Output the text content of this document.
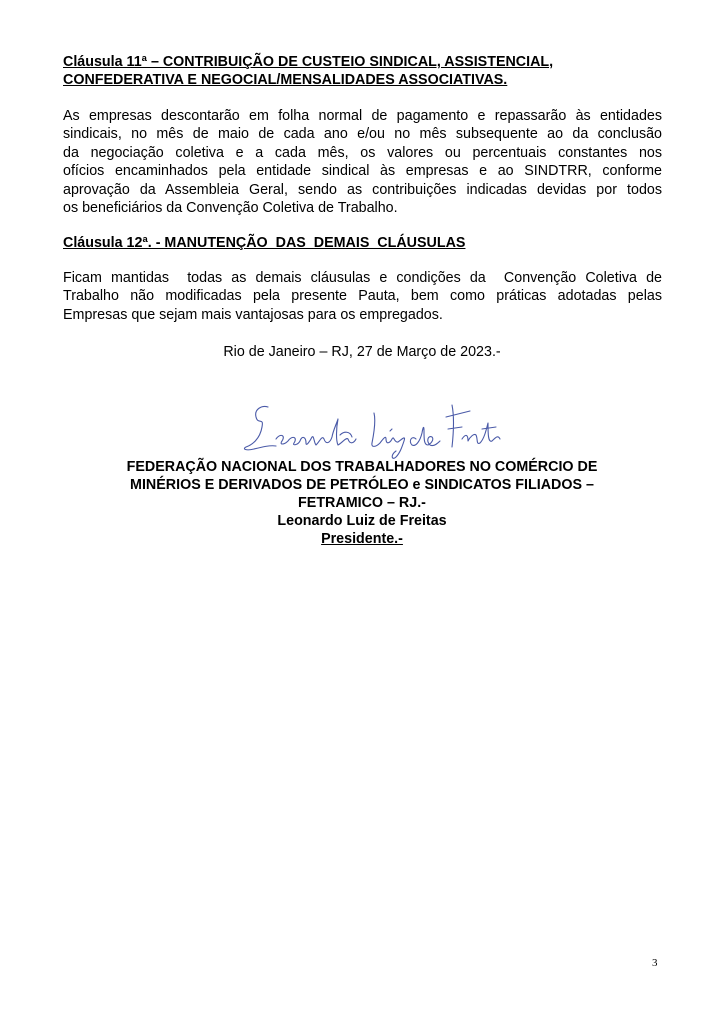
Cláusula 11ª – CONTRIBUIÇÃO DE CUSTEIO SINDICAL, ASSISTENCIAL,
CONFEDERATIVA E NEGOCIAL/MENSALIDADES ASSOCIATIVAS.
As empresas descontarão em folha normal de pagamento e repassarão às entidades
sindicais, no mês de maio de cada ano e/ou no mês subsequente ao da conclusão
da negociação coletiva e a cada mês, os valores ou percentuais constantes nos
ofícios encaminhados pela entidade sindical às empresas e ao SINDTRR, conforme
aprovação da Assembleia Geral, sendo as contribuições indicadas devidas por todos
os beneficiários da Convenção Coletiva de Trabalho.
Cláusula 12ª. - MANUTENÇÃO  DAS  DEMAIS  CLÁUSULAS
Ficam mantidas  todas as demais cláusulas e condições da  Convenção Coletiva de
Trabalho não modificadas pela presente Pauta, bem como práticas adotadas pelas
Empresas que sejam mais vantajosas para os empregados.
Rio de Janeiro – RJ, 27 de Março de 2023.-
FEDERAÇÃO NACIONAL DOS TRABALHADORES NO COMÉRCIO DE
MINÉRIOS E DERIVADOS DE PETRÓLEO e SINDICATOS FILIADOS –
FETRAMICO – RJ.-
Leonardo Luiz de Freitas
Presidente.-
3
